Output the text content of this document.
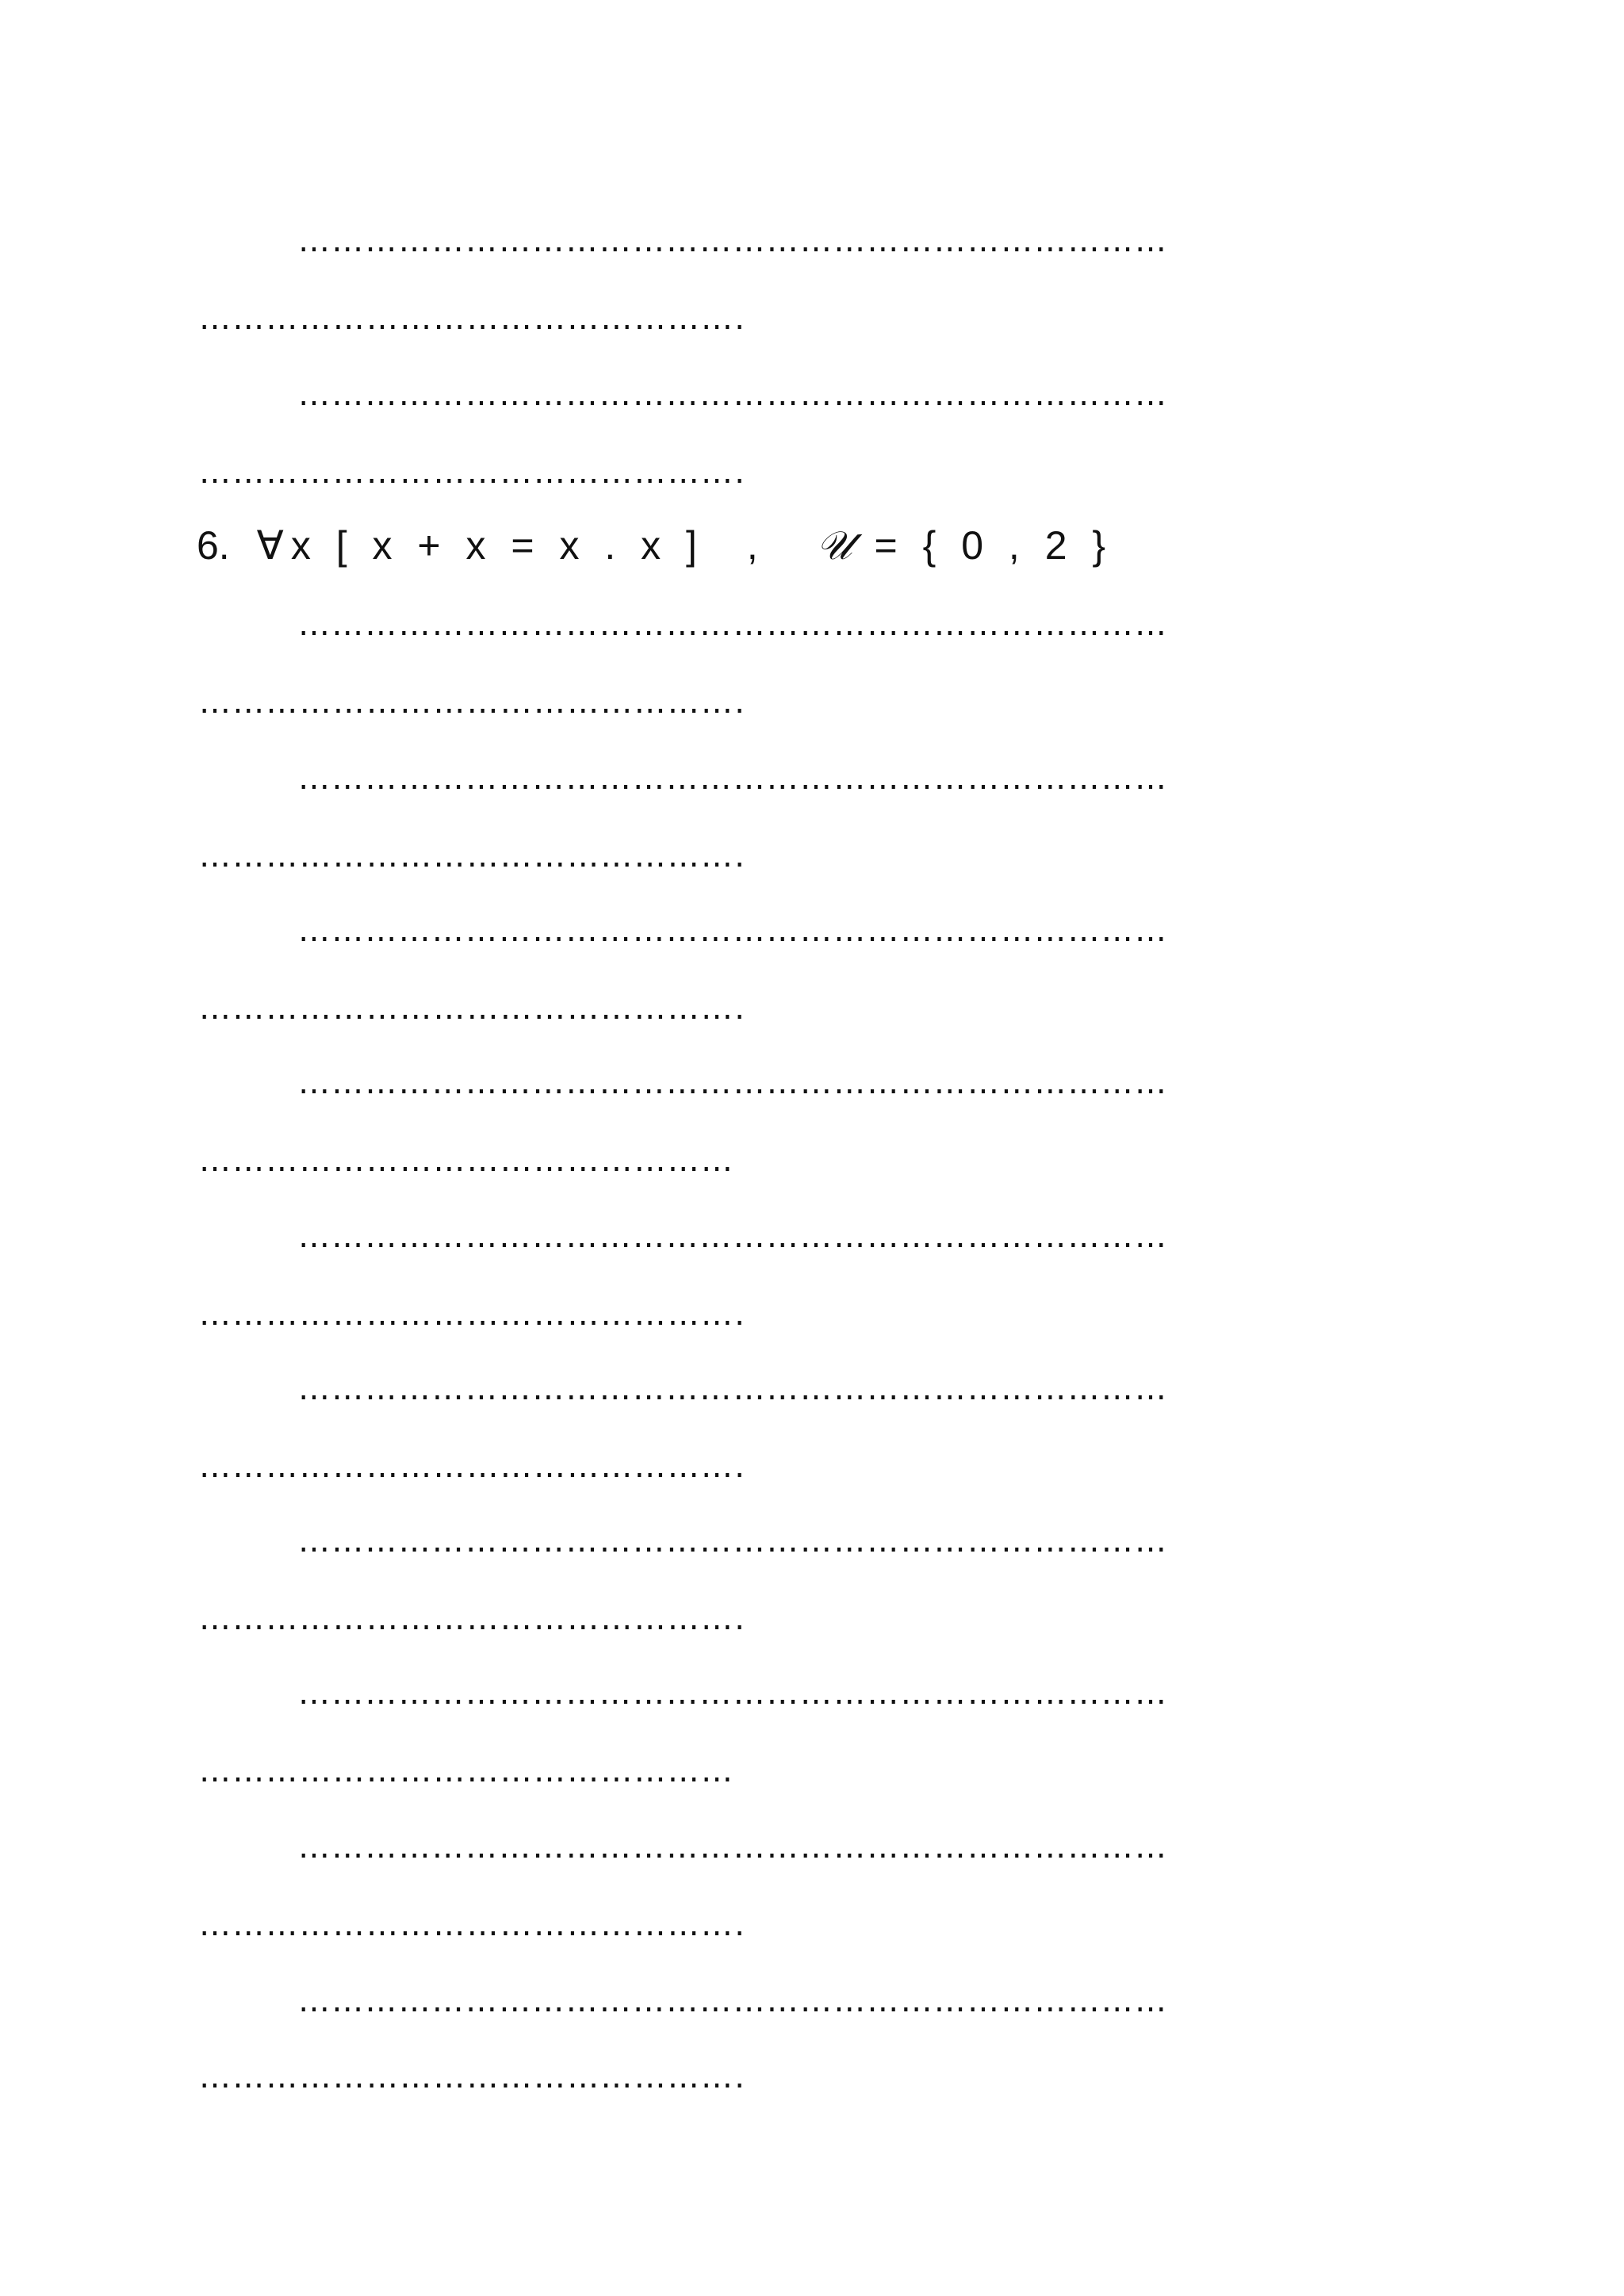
……………………………………………………………………
………………………………………….
……………………………………………………………………
………………………………………….
6. ∀x [ x + x = x . x ] , 𝒰 = { 0 , 2 }
……………………………………………………………………
………………………………………….
……………………………………………………………………
………………………………………….
……………………………………………………………………
………………………………………….
……………………………………………………………………
…………………………………………
……………………………………………………………………
………………………………………….
……………………………………………………………………
………………………………………….
……………………………………………………………………
………………………………………….
……………………………………………………………………
…………………………………………
……………………………………………………………………
………………………………………….
……………………………………………………………………
………………………………………….
